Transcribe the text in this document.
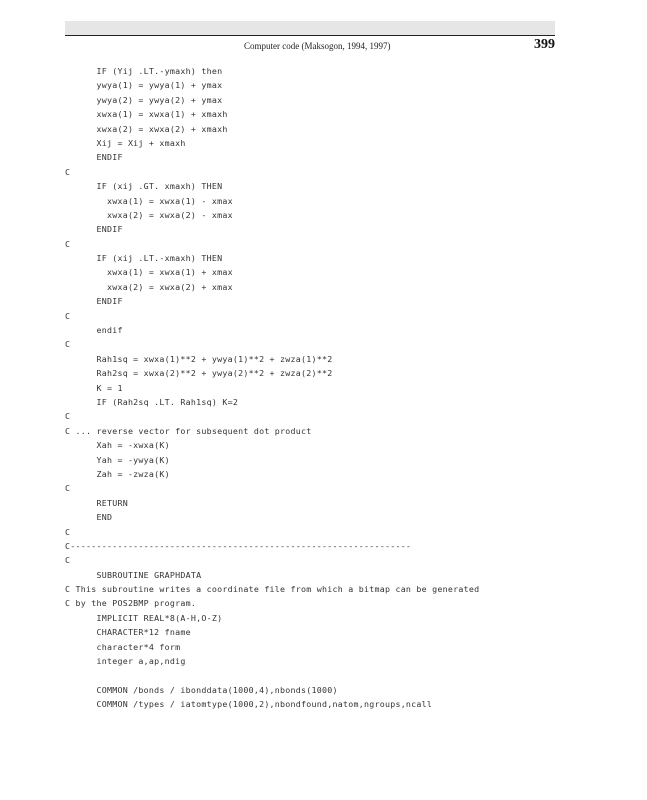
Computer code (Maksogon, 1994, 1997)	399
IF (Yij .LT.-ymaxh) then
ywya(1) = ywya(1) + ymax
ywya(2) = ywya(2) + ymax
xwxa(1) = xwxa(1) + xmaxh
xwxa(2) = xwxa(2) + xmaxh
Xij = Xij + xmaxh
ENDIF
C
IF (xij .GT. xmaxh) THEN
xwxa(1) = xwxa(1) - xmax
xwxa(2) = xwxa(2) - xmax
ENDIF
C
IF (xij .LT.-xmaxh) THEN
xwxa(1) = xwxa(1) + xmax
xwxa(2) = xwxa(2) + xmax
ENDIF
C
endif
C
Rah1sq = xwxa(1)**2 + ywya(1)**2 + zwza(1)**2
Rah2sq = xwxa(2)**2 + ywya(2)**2 + zwza(2)**2
K = 1
IF (Rah2sq .LT. Rah1sq) K=2
C
C ... reverse vector for subsequent dot product
Xah = -xwxa(K)
Yah = -ywya(K)
Zah = -zwza(K)
C
RETURN
END
C
C-----------------------------------------------------------------
C
SUBROUTINE GRAPHDATA
C This subroutine writes a coordinate file from which a bitmap can be generated
C by the POS2BMP program.
IMPLICIT REAL*8(A-H,O-Z)
CHARACTER*12 fname
character*4 form
integer a,ap,ndig
COMMON /bonds / ibonddata(1000,4),nbonds(1000)
COMMON /types / iatomtype(1000,2),nbondfound,natom,ngroups,ncall
